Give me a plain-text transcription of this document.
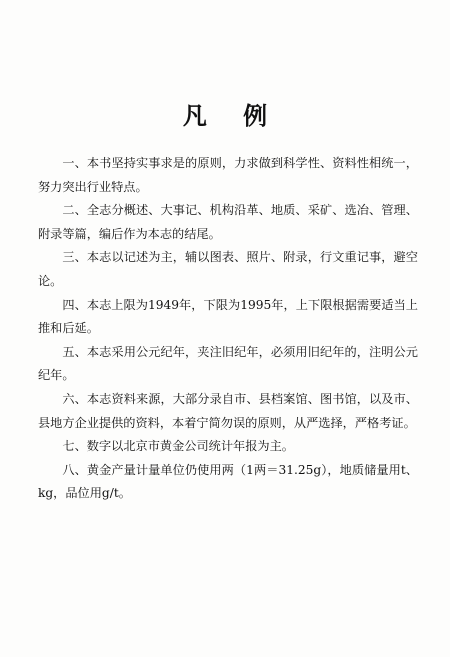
凡 例

一、本书坚持实事求是的原则，力求做到科学性、资料性相统一，努力突出行业特点。

二、全志分概述、大事记、机构沿革、地质、采矿、选冶、管理、附录等篇，编后作为本志的结尾。

三、本志以记述为主，辅以图表、照片、附录，行文重记事，避空论。

四、本志上限为1949年，下限为1995年，上下限根据需要适当上推和后延。

五、本志采用公元纪年，夹注旧纪年，必须用旧纪年的，注明公元纪年。

六、本志资料来源，大部分录自市、县档案馆、图书馆，以及市、县地方企业提供的资料，本着宁简勿误的原则，从严选择，严格考证。

七、数字以北京市黄金公司统计年报为主。

八、黄金产量计量单位仍使用两（1两＝31.25g），地质储量用t、kg，品位用g/t。
